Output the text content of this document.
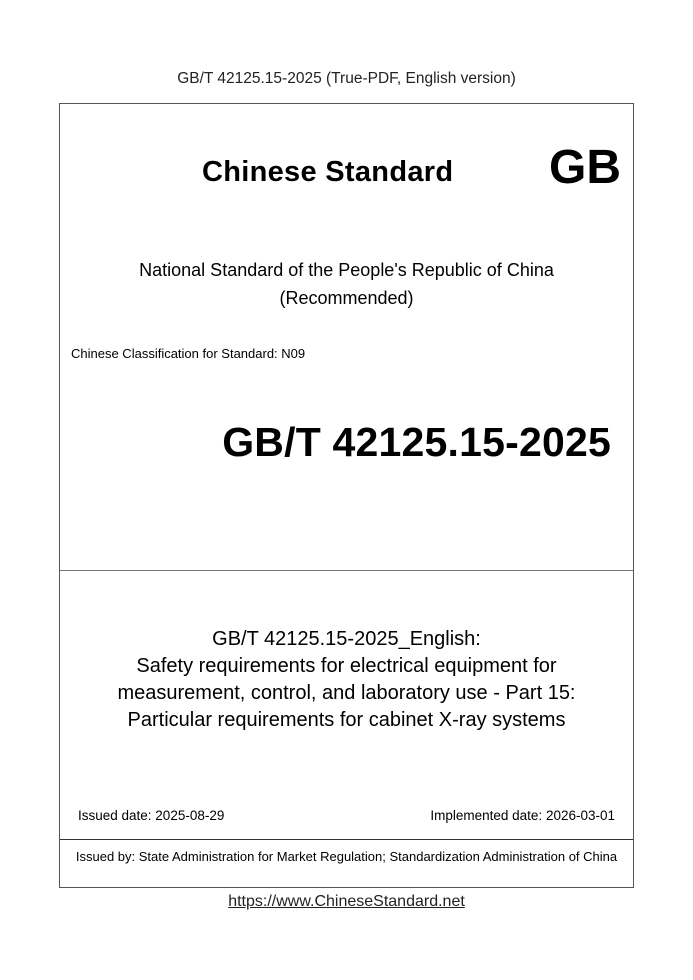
GB/T 42125.15-2025 (True-PDF, English version)
Chinese Standard GB
National Standard of the People's Republic of China
(Recommended)
Chinese Classification for Standard: N09
GB/T 42125.15-2025
GB/T 42125.15-2025_English:
Safety requirements for electrical equipment for
measurement, control, and laboratory use - Part 15:
Particular requirements for cabinet X-ray systems
Issued date: 2025-08-29	Implemented date: 2026-03-01
Issued by: State Administration for Market Regulation; Standardization Administration of China
https://www.ChineseStandard.net
